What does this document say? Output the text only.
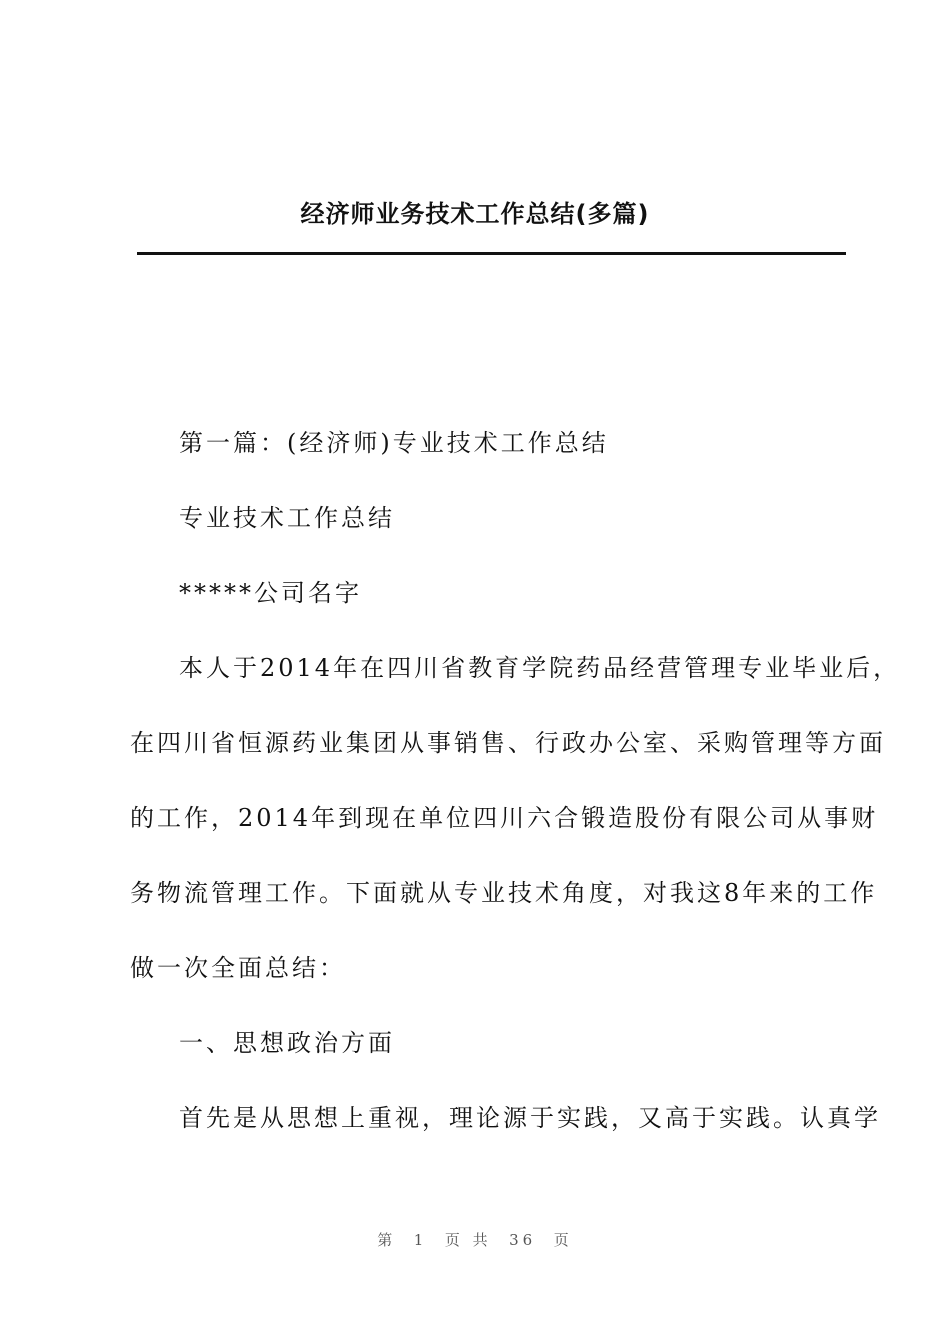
经济师业务技术工作总结(多篇)
第一篇：(经济师)专业技术工作总结
专业技术工作总结
*****公司名字
本人于2014年在四川省教育学院药品经营管理专业毕业后，
在四川省恒源药业集团从事销售、行政办公室、采购管理等方面
的工作，2014年到现在单位四川六合锻造股份有限公司从事财
务物流管理工作。下面就从专业技术角度，对我这8年来的工作
做一次全面总结：
一、思想政治方面
首先是从思想上重视，理论源于实践，又高于实践。认真学
第  1  页 共  36  页
